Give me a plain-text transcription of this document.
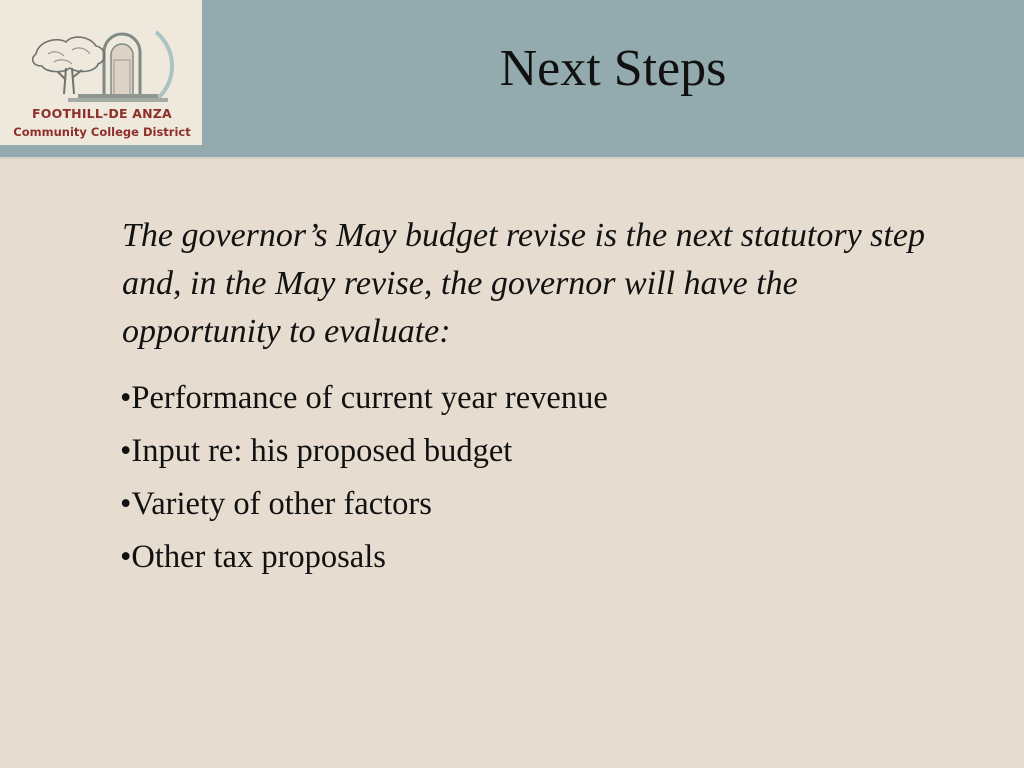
FOOTHILL-DE ANZA
Community College District
Next Steps
The governor’s May budget revise is the next statutory step and, in the May revise, the governor will have the opportunity to evaluate:
•Performance of current year revenue
•Input re: his proposed budget
•Variety of other factors
•Other tax proposals
